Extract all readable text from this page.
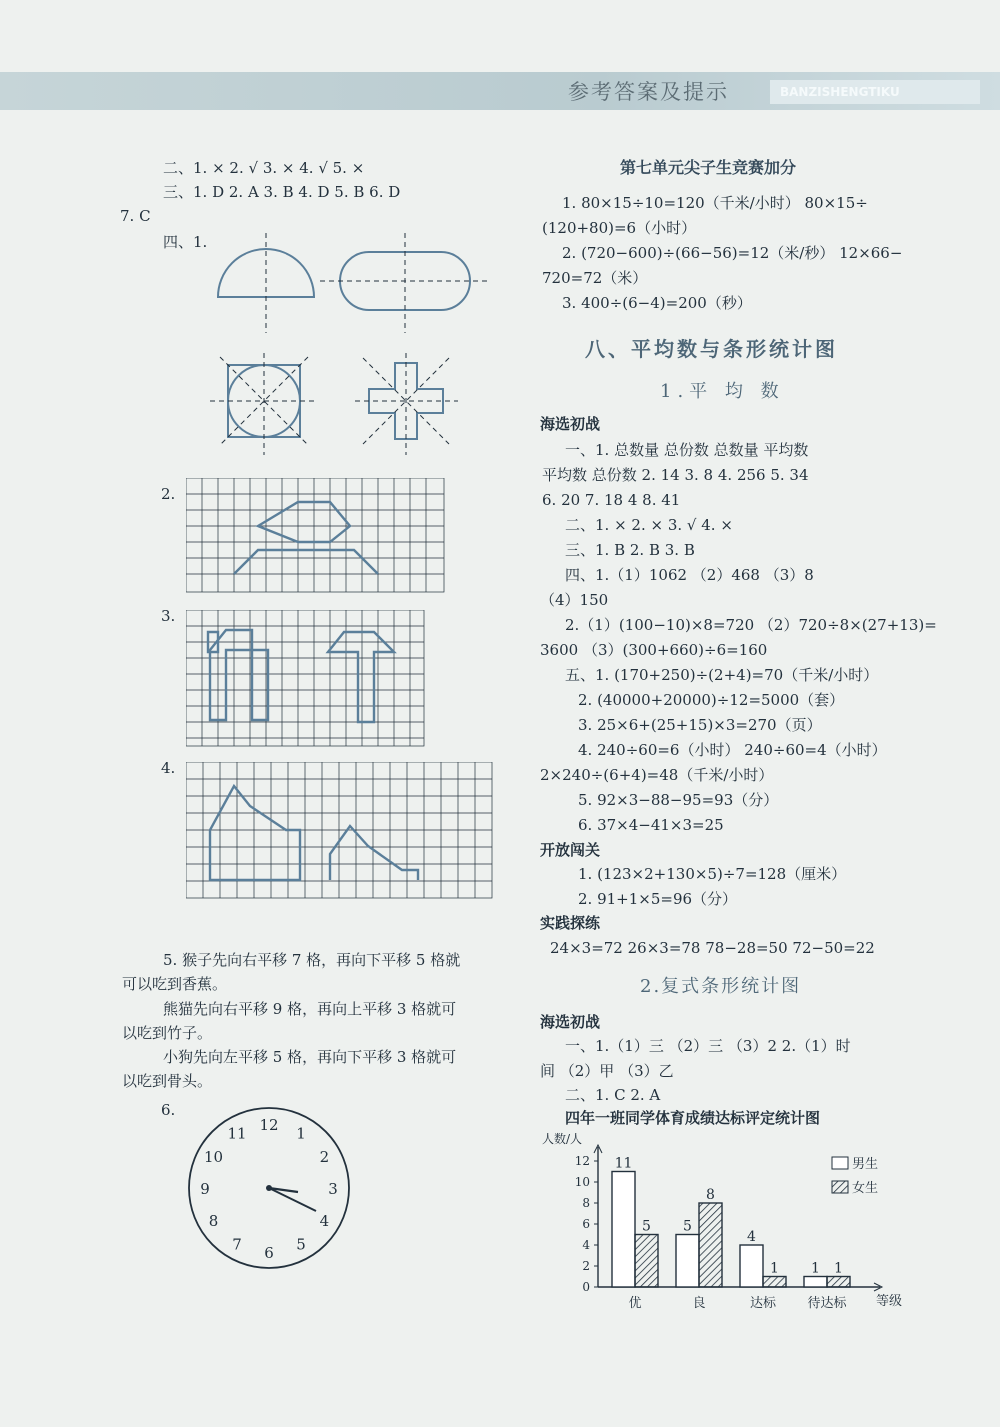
参考答案及提示	BANZISHENGTIKU
二、1. × 2. √ 3. × 4. √ 5. ×
三、1. D 2. A 3. B 4. D 5. B 6. D
7. C
四、1.
2.
3.
4.
5. 猴子先向右平移 7 格，再向下平移 5 格就
可以吃到香蕉。
熊猫先向右平移 9 格，再向上平移 3 格就可
以吃到竹子。
小狗先向左平移 5 格，再向下平移 3 格就可
以吃到骨头。
6.
12 1
2
3
4
5
6
7
8
9
10
11
第七单元尖子生竞赛加分
1. 80×15÷10=120（千米/小时） 80×15÷
(120+80)=6（小时）
2. (720−600)÷(66−56)=12（米/秒） 12×66−
720=72（米）
3. 400÷(6−4)=200（秒）
八、平均数与条形统计图
1.平 均 数
海选初战
一、1. 总数量 总份数 总数量 平均数
平均数 总份数 2. 14 3. 8 4. 256 5. 34
6. 20 7. 18 4 8. 41
二、1. × 2. × 3. √ 4. ×
三、1. B 2. B 3. B
四、1.（1）1062 （2）468 （3）8
（4）150
2.（1）(100−10)×8=720 （2）720÷8×(27+13)=
3600 （3）(300+660)÷6=160
五、1. (170+250)÷(2+4)=70（千米/小时）
2. (40000+20000)÷12=5000（套）
3. 25×6+(25+15)×3=270（页）
4. 240÷60=6（小时） 240÷60=4（小时）
2×240÷(6+4)=48（千米/小时）
5. 92×3−88−95=93（分）
6. 37×4−41×3=25
开放闯关
1. (123×2+130×5)÷7=128（厘米）
2. 91+1×5=96（分）
实践探练
24×3=72 26×3=78 78−28=50 72−50=22
2.复式条形统计图
海选初战
一、1.（1）三 （2）三 （3）2 2.（1）时
间 （2）甲 （3）乙
二、1. C 2. A
四年一班同学体育成绩达标评定统计图
人数/人
等级
0
2
4
6
8
10
12 11
5
优
5
8
良
4
1
达标
1 1
待达标
男生
女生
